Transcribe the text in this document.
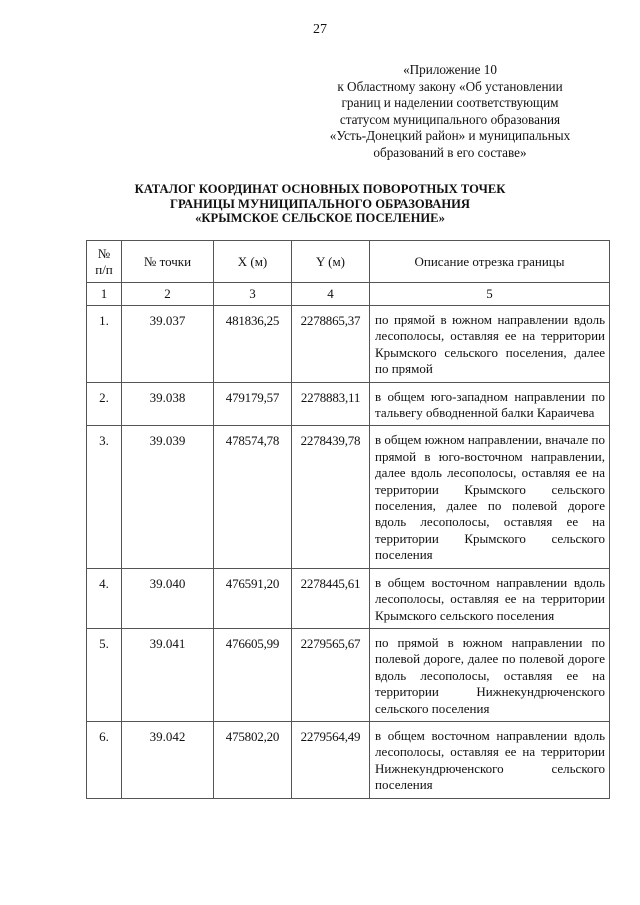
27
«Приложение 10
к Областному закону «Об установлении
границ и наделении соответствующим
статусом муниципального образования
«Усть-Донецкий район» и муниципальных
образований в его составе»
КАТАЛОГ КООРДИНАТ ОСНОВНЫХ ПОВОРОТНЫХ ТОЧЕК
ГРАНИЦЫ МУНИЦИПАЛЬНОГО ОБРАЗОВАНИЯ
«КРЫМСКОЕ СЕЛЬСКОЕ ПОСЕЛЕНИЕ»
№
п/п	№ точки	X (м)	Y (м)	Описание отрезка границы
1	2	3	4	5
1.	39.037	481836,25	2278865,37	по прямой в южном направлении вдоль лесополосы, оставляя ее на территории Крымского сельского поселения, далее по прямой
2.	39.038	479179,57	2278883,11	в общем юго-западном направлении по тальвегу обводненной балки Караичева
3.	39.039	478574,78	2278439,78	в общем южном направлении, вначале по прямой в юго-восточном направлении, далее вдоль лесополосы, оставляя ее на территории Крымского сельского поселения, далее по полевой дороге вдоль лесополосы, оставляя ее на территории Крымского сельского поселения
4.	39.040	476591,20	2278445,61	в общем восточном направлении вдоль лесополосы, оставляя ее на территории Крымского сельского поселения
5.	39.041	476605,99	2279565,67	по прямой в южном направлении по полевой дороге, далее по полевой дороге вдоль лесополосы, оставляя ее на территории Нижнекундрюченского сельского поселения
6.	39.042	475802,20	2279564,49	в общем восточном направлении вдоль лесополосы, оставляя ее на территории Нижнекундрюченского сельского поселения
